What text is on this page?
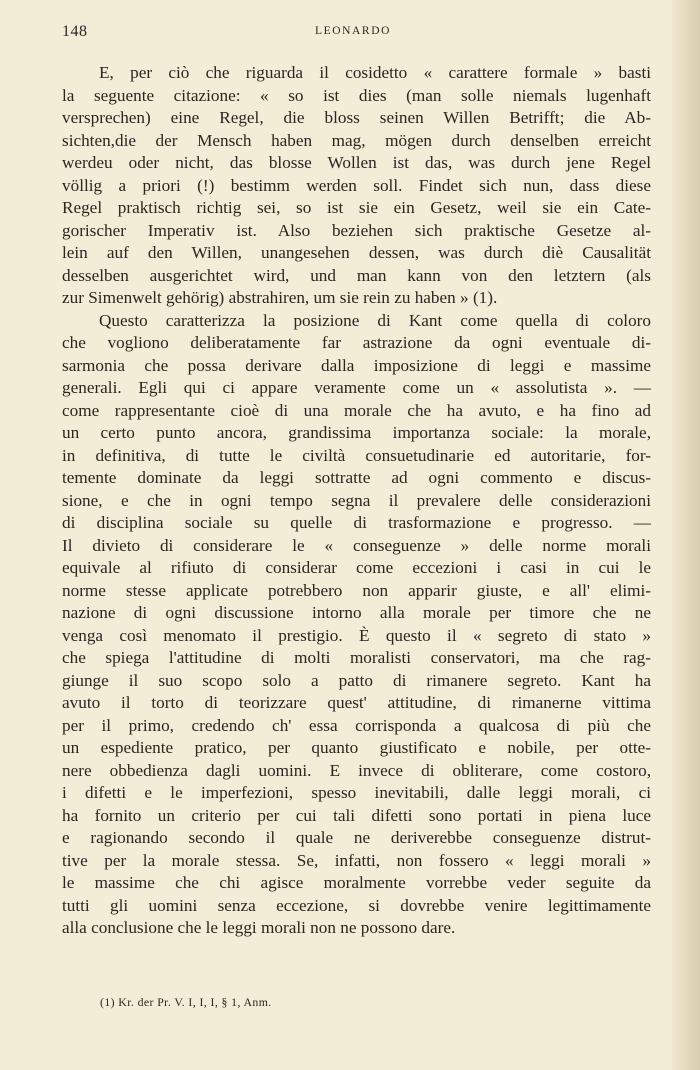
148	LEONARDO
E, per ciò che riguarda il cosidetto « carattere formale » basti
la seguente citazione: « so ist dies (man solle niemals lugenhaft
versprechen) eine Regel, die bloss seinen Willen Betrifft; die Ab-
sichten,die der Mensch haben mag, mögen durch denselben erreicht
werdeu oder nicht, das blosse Wollen ist das, was durch jene Regel
völlig a priori (!) bestimm werden soll. Findet sich nun, dass diese
Regel praktisch richtig sei, so ist sie ein Gesetz, weil sie ein Cate-
gorischer Imperativ ist. Also beziehen sich praktische Gesetze al-
lein auf den Willen, unangesehen dessen, was durch diè Causalität
desselben ausgerichtet wird, und man kann von den letztern (als
zur Simenwelt gehörig) abstrahiren, um sie rein zu haben » (1).
Questo caratterizza la posizione di Kant come quella di coloro
che vogliono deliberatamente far astrazione da ogni eventuale di-
sarmonia che possa derivare dalla imposizione di leggi e massime
generali. Egli qui ci appare veramente come un « assolutista ». —
come rappresentante cioè di una morale che ha avuto, e ha fino ad
un certo punto ancora, grandissima importanza sociale: la morale,
in definitiva, di tutte le civiltà consuetudinarie ed autoritarie, for-
temente dominate da leggi sottratte ad ogni commento e discus-
sione, e che in ogni tempo segna il prevalere delle considerazioni
di disciplina sociale su quelle di trasformazione e progresso. —
Il divieto di considerare le « conseguenze » delle norme morali
equivale al rifiuto di considerar come eccezioni i casi in cui le
norme stesse applicate potrebbero non apparir giuste, e all' elimi-
nazione di ogni discussione intorno alla morale per timore che ne
venga così menomato il prestigio. È questo il « segreto di stato »
che spiega l'attitudine di molti moralisti conservatori, ma che rag-
giunge il suo scopo solo a patto di rimanere segreto. Kant ha
avuto il torto di teorizzare quest' attitudine, di rimanerne vittima
per il primo, credendo ch' essa corrisponda a qualcosa di più che
un espediente pratico, per quanto giustificato e nobile, per otte-
nere obbedienza dagli uomini. E invece di obliterare, come costoro,
i difetti e le imperfezioni, spesso inevitabili, dalle leggi morali, ci
ha fornito un criterio per cui tali difetti sono portati in piena luce
e ragionando secondo il quale ne deriverebbe conseguenze distrut-
tive per la morale stessa. Se, infatti, non fossero « leggi morali »
le massime che chi agisce moralmente vorrebbe veder seguite da
tutti gli uomini senza eccezione, si dovrebbe venire legittimamente
alla conclusione che le leggi morali non ne possono dare.
(1) Kr. der Pr. V. I, I, I, § 1, Anm.
